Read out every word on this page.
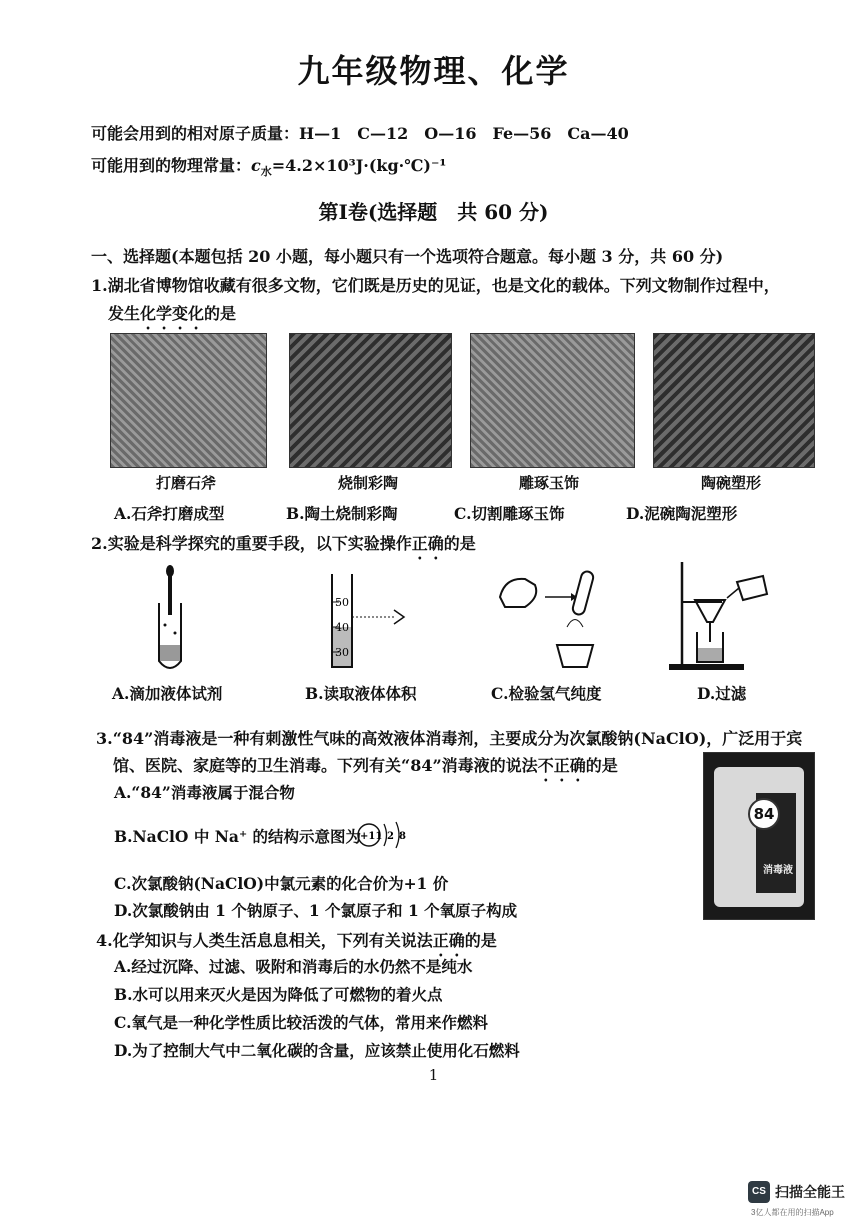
九年级物理、化学
可能会用到的相对原子质量：H—1　C—12　O—16　Fe—56　Ca—40
可能用到的物理常量：$c_水=4.2\times 10^3J\cdot(kg\cdot℃)^{-1}$
第Ⅰ卷(选择题　共 60 分)
一、选择题(本题包括 20 小题，每小题只有一个选项符合题意。每小题 3 分，共 60 分)
1.湖北省博物馆收藏有很多文物，它们既是历史的见证，也是文化的载体。下列文物制作过程中，
发生化学变化的是
打磨石斧	烧制彩陶	雕琢玉饰	陶碗塑形
A.石斧打磨成型	B.陶土烧制彩陶	C.切割雕琢玉饰	D.泥碗陶泥塑形
2.实验是科学探究的重要手段，以下实验操作正确的是
50
40
30
A.滴加液体试剂	B.读取液体体积	C.检验氢气纯度	D.过滤
3.“84”消毒液是一种有刺激性气味的高效液体消毒剂，主要成分为次氯酸钠(NaClO)，广泛用于宾
馆、医院、家庭等的卫生消毒。下列有关“84”消毒液的说法不正确的是
A.“84”消毒液属于混合物
B.NaClO 中 Na⁺ 的结构示意图为
+11 2 8
C.次氯酸钠(NaClO)中氯元素的化合价为+1 价
D.次氯酸钠由 1 个钠原子、1 个氯原子和 1 个氧原子构成
84
消毒液
4.化学知识与人类生活息息相关，下列有关说法正确的是
A.经过沉降、过滤、吸附和消毒后的水仍然不是纯水
B.水可以用来灭火是因为降低了可燃物的着火点
C.氧气是一种化学性质比较活泼的气体，常用来作燃料
D.为了控制大气中二氧化碳的含量，应该禁止使用化石燃料
1
CS 扫描全能王
3亿人都在用的扫描App
